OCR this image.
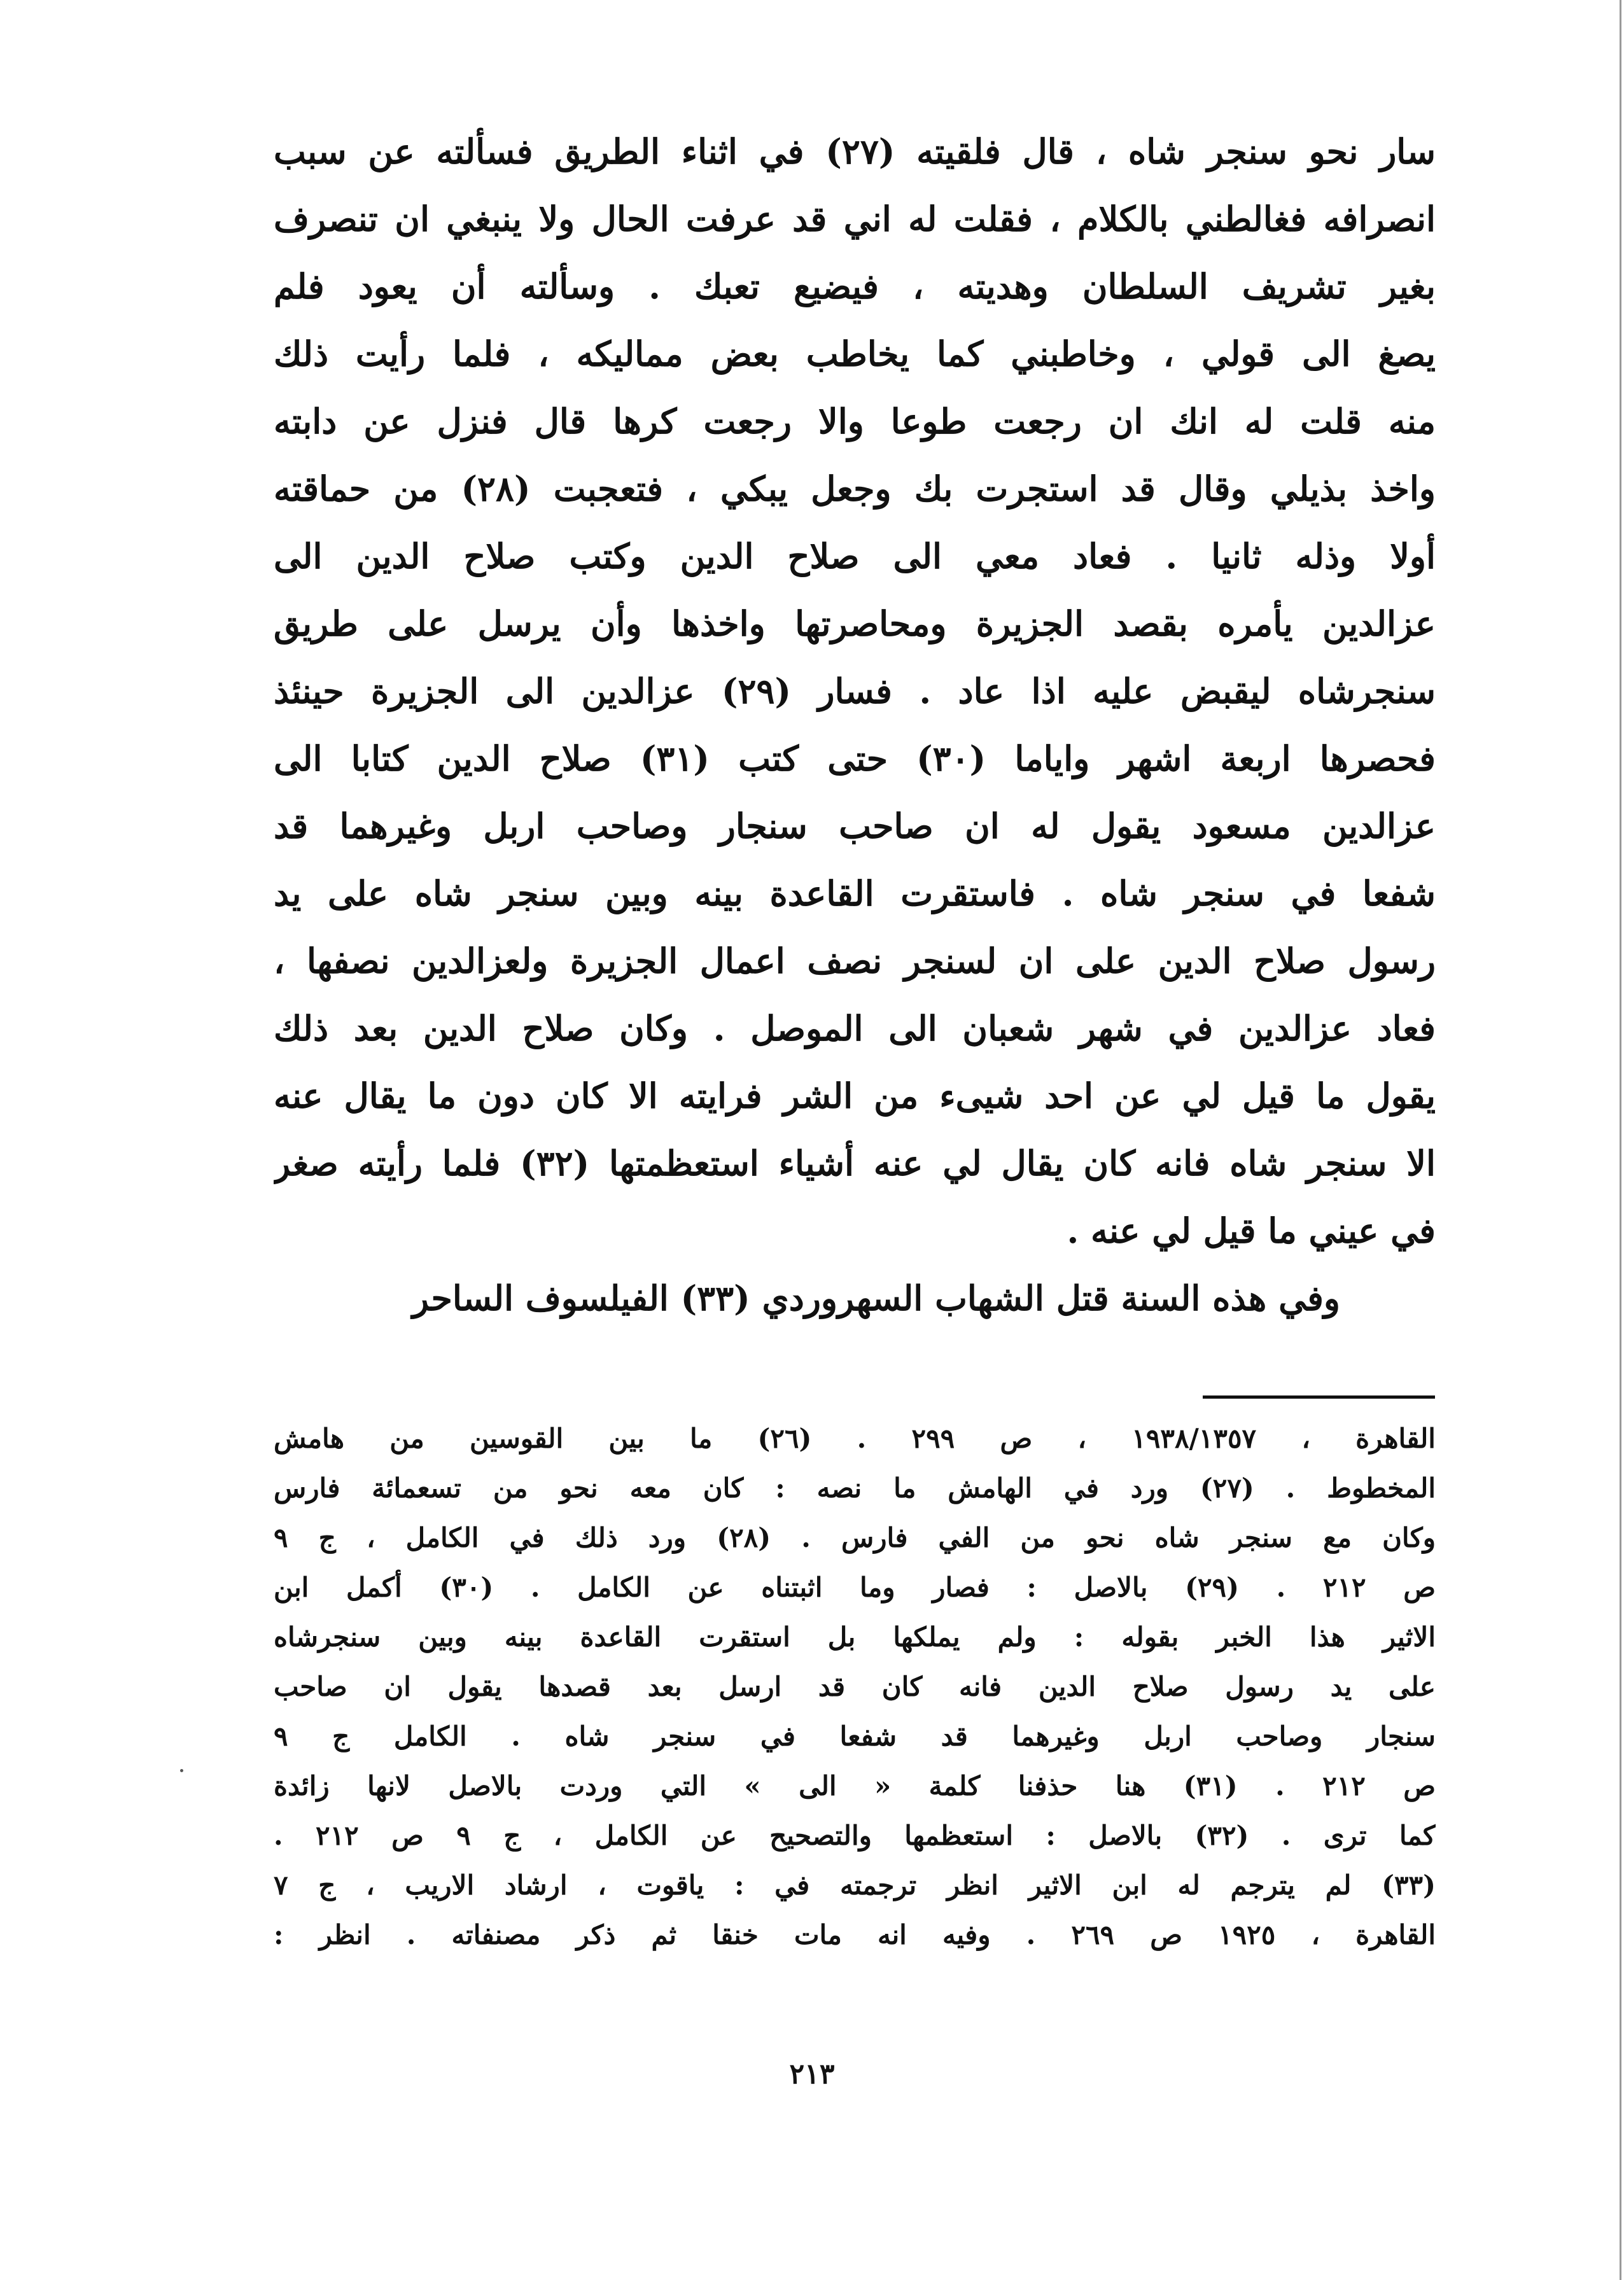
سار نحو سنجر شاه ، قال فلقيته (٢٧) في اثناء الطريق فسألته عن سبب
انصرافه فغالطني بالكلام ، فقلت له اني قد عرفت الحال ولا ينبغي ان تنصرف
بغير تشريف السلطان وهديته ، فيضيع تعبك . وسألته أن يعود فلم
يصغ الى قولي ، وخاطبني كما يخاطب بعض مماليكه ، فلما رأيت ذلك
منه قلت له انك ان رجعت طوعا والا رجعت كرها قال فنزل عن دابته
واخذ بذيلي وقال قد استجرت بك وجعل يبكي ، فتعجبت (٢٨) من حماقته
أولا وذله ثانيا . فعاد معي الى صلاح الدين وكتب صلاح الدين الى
عزالدين يأمره بقصد الجزيرة ومحاصرتها واخذها وأن يرسل على طريق
سنجرشاه ليقبض عليه اذا عاد . فسار (٢٩) عزالدين الى الجزيرة حينئذ
فحصرها اربعة اشهر واياما (٣٠) حتى كتب (٣١) صلاح الدين كتابا الى
عزالدين مسعود يقول له ان صاحب سنجار وصاحب اربل وغيرهما قد
شفعا في سنجر شاه . فاستقرت القاعدة بينه وبين سنجر شاه على يد
رسول صلاح الدين على ان لسنجر نصف اعمال الجزيرة ولعزالدين نصفها ،
فعاد عزالدين في شهر شعبان الى الموصل . وكان صلاح الدين بعد ذلك
يقول ما قيل لي عن احد شيىء من الشر فرايته الا كان دون ما يقال عنه
الا سنجر شاه فانه كان يقال لي عنه أشياء استعظمتها (٣٢) فلما رأيته صغر
في عيني ما قيل لي عنه .
وفي هذه السنة قتل الشهاب السهروردي (٣٣) الفيلسوف الساحر
القاهرة ، ١٩٣٨/١٣٥٧ ، ص ٢٩٩ . (٢٦) ما بين القوسين من هامش
المخطوط . (٢٧) ورد في الهامش ما نصه : كان معه نحو من تسعمائة فارس
وكان مع سنجر شاه نحو من الفي فارس . (٢٨) ورد ذلك في الكامل ، ج ٩
ص ٢١٢ . (٢٩) بالاصل : فصار وما اثبتناه عن الكامل . (٣٠) أكمل ابن
الاثير هذا الخبر بقوله : ولم يملكها بل استقرت القاعدة بينه وبين سنجرشاه
على يد رسول صلاح الدين فانه كان قد ارسل بعد قصدها يقول ان صاحب
سنجار وصاحب اربل وغيرهما قد شفعا في سنجر شاه . الكامل ج ٩
ص ٢١٢ . (٣١) هنا حذفنا كلمة « الى » التي وردت بالاصل لانها زائدة
كما ترى . (٣٢) بالاصل : استعظمها والتصحيح عن الكامل ، ج ٩ ص ٢١٢ .
(٣٣) لم يترجم له ابن الاثير انظر ترجمته في : ياقوت ، ارشاد الاريب ، ج ٧
القاهرة ، ١٩٢٥ ص ٢٦٩ . وفيه انه مات خنقا ثم ذكر مصنفاته . انظر :
٢١٣
